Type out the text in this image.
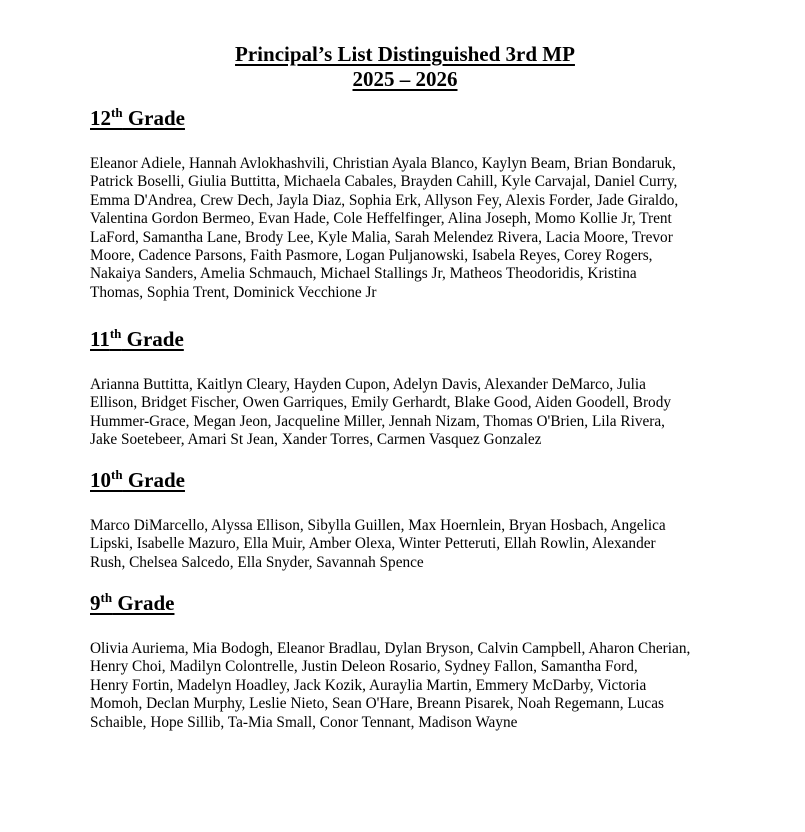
Principal’s List Distinguished 3rd MP
2025 – 2026
12th Grade

Eleanor Adiele, Hannah Avlokhashvili, Christian Ayala Blanco, Kaylyn Beam, Brian Bondaruk,
Patrick Boselli, Giulia Buttitta, Michaela Cabales, Brayden Cahill, Kyle Carvajal, Daniel Curry,
Emma D'Andrea, Crew Dech, Jayla Diaz, Sophia Erk, Allyson Fey, Alexis Forder, Jade Giraldo,
Valentina Gordon Bermeo, Evan Hade, Cole Heffelfinger, Alina Joseph, Momo Kollie Jr, Trent
LaFord, Samantha Lane, Brody Lee, Kyle Malia, Sarah Melendez Rivera, Lacia Moore, Trevor
Moore, Cadence Parsons, Faith Pasmore, Logan Puljanowski, Isabela Reyes, Corey Rogers,
Nakaiya Sanders, Amelia Schmauch, Michael Stallings Jr, Matheos Theodoridis, Kristina
Thomas, Sophia Trent, Dominick Vecchione Jr

11th Grade

Arianna Buttitta, Kaitlyn Cleary, Hayden Cupon, Adelyn Davis, Alexander DeMarco, Julia
Ellison, Bridget Fischer, Owen Garriques, Emily Gerhardt, Blake Good, Aiden Goodell, Brody
Hummer-Grace, Megan Jeon, Jacqueline Miller, Jennah Nizam, Thomas O'Brien, Lila Rivera,
Jake Soetebeer, Amari St Jean, Xander Torres, Carmen Vasquez Gonzalez

10th Grade

Marco DiMarcello, Alyssa Ellison, Sibylla Guillen, Max Hoernlein, Bryan Hosbach, Angelica
Lipski, Isabelle Mazuro, Ella Muir, Amber Olexa, Winter Petteruti, Ellah Rowlin, Alexander
Rush, Chelsea Salcedo, Ella Snyder, Savannah Spence

9th Grade

Olivia Auriema, Mia Bodogh, Eleanor Bradlau, Dylan Bryson, Calvin Campbell, Aharon Cherian,
Henry Choi, Madilyn Colontrelle, Justin Deleon Rosario, Sydney Fallon, Samantha Ford,
Henry Fortin, Madelyn Hoadley, Jack Kozik, Auraylia Martin, Emmery McDarby, Victoria
Momoh, Declan Murphy, Leslie Nieto, Sean O'Hare, Breann Pisarek, Noah Regemann, Lucas
Schaible, Hope Sillib, Ta-Mia Small, Conor Tennant, Madison Wayne
